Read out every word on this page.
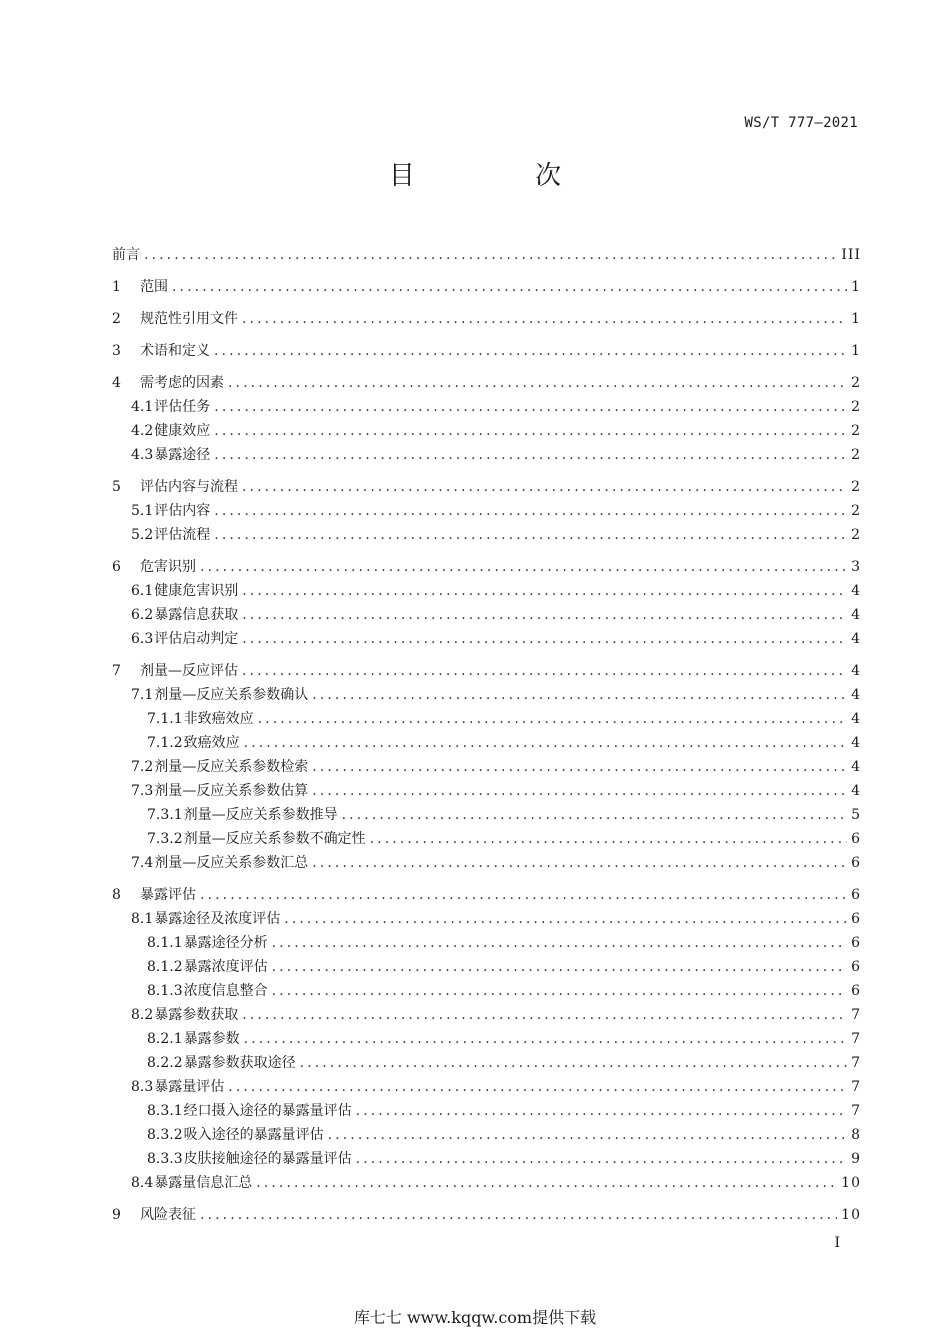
WS/T 777—2021
目 次
前言 .....	III
1	范围 .....	1
2	规范性引用文件 .....	1
3	术语和定义 .....	1
4	需考虑的因素 .....	2
4.1 评估任务 .....	2
4.2 健康效应 .....	2
4.3 暴露途径 .....	2
5	评估内容与流程 .....	2
5.1 评估内容 .....	2
5.2 评估流程 .....	2
6	危害识别 .....	3
6.1 健康危害识别 .....	4
6.2 暴露信息获取 .....	4
6.3 评估启动判定 .....	4
7	剂量—反应评估 .....	4
7.1 剂量—反应关系参数确认 .....	4
7.1.1 非致癌效应 .....	4
7.1.2 致癌效应 .....	4
7.2 剂量—反应关系参数检索 .....	4
7.3 剂量—反应关系参数估算 .....	4
7.3.1 剂量—反应关系参数推导 .....	5
7.3.2 剂量—反应关系参数不确定性 .....	6
7.4 剂量—反应关系参数汇总 .....	6
8	暴露评估 .....	6
8.1 暴露途径及浓度评估 .....	6
8.1.1 暴露途径分析 .....	6
8.1.2 暴露浓度评估 .....	6
8.1.3 浓度信息整合 .....	6
8.2 暴露参数获取 .....	7
8.2.1 暴露参数 .....	7
8.2.2 暴露参数获取途径 .....	7
8.3 暴露量评估 .....	7
8.3.1 经口摄入途径的暴露量评估 .....	7
8.3.2 吸入途径的暴露量评估 .....	8
8.3.3 皮肤接触途径的暴露量评估 .....	9
8.4 暴露量信息汇总 .....	10
9	风险表征 .....	10
I
库七七 www.kqqw.com提供下载
